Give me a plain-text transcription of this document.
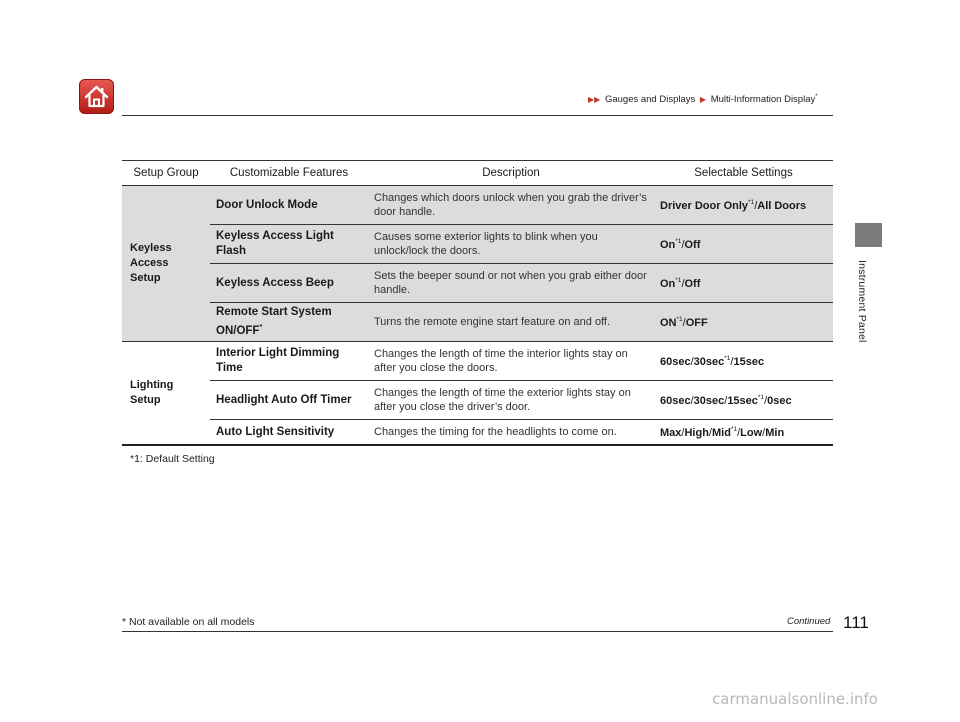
▶▶ Gauges and Displays ▶ Multi-Information Display*
Instrument Panel
Setup Group	Customizable Features	Description	Selectable Settings
Keyless
Access
Setup	Door Unlock Mode	Changes which doors unlock when you grab the driver’s door handle.	Driver Door Only$^{*1}$/All Doors
	Keyless Access Light Flash	Causes some exterior lights to blink when you unlock/lock the doors.	On$^{*1}$/Off
	Keyless Access Beep	Sets the beeper sound or not when you grab either door handle.	On$^{*1}$/Off
	Remote Start System ON/OFF*	Turns the remote engine start feature on and off.	ON$^{*1}$/OFF
Lighting
Setup	Interior Light Dimming Time	Changes the length of time the interior lights stay on after you close the doors.	$60\sec/30\sec^{*1}/15\sec$
	Headlight Auto Off Timer	Changes the length of time the exterior lights stay on after you close the driver’s door.	$60\sec/30\sec/15\sec^{*1}/0\sec$
	Auto Light Sensitivity	Changes the timing for the headlights to come on.	Max/High/Mid$^{*1}$/Low/Min
*1: Default Setting
* Not available on all models	Continued 111
carmanualsonline.info
